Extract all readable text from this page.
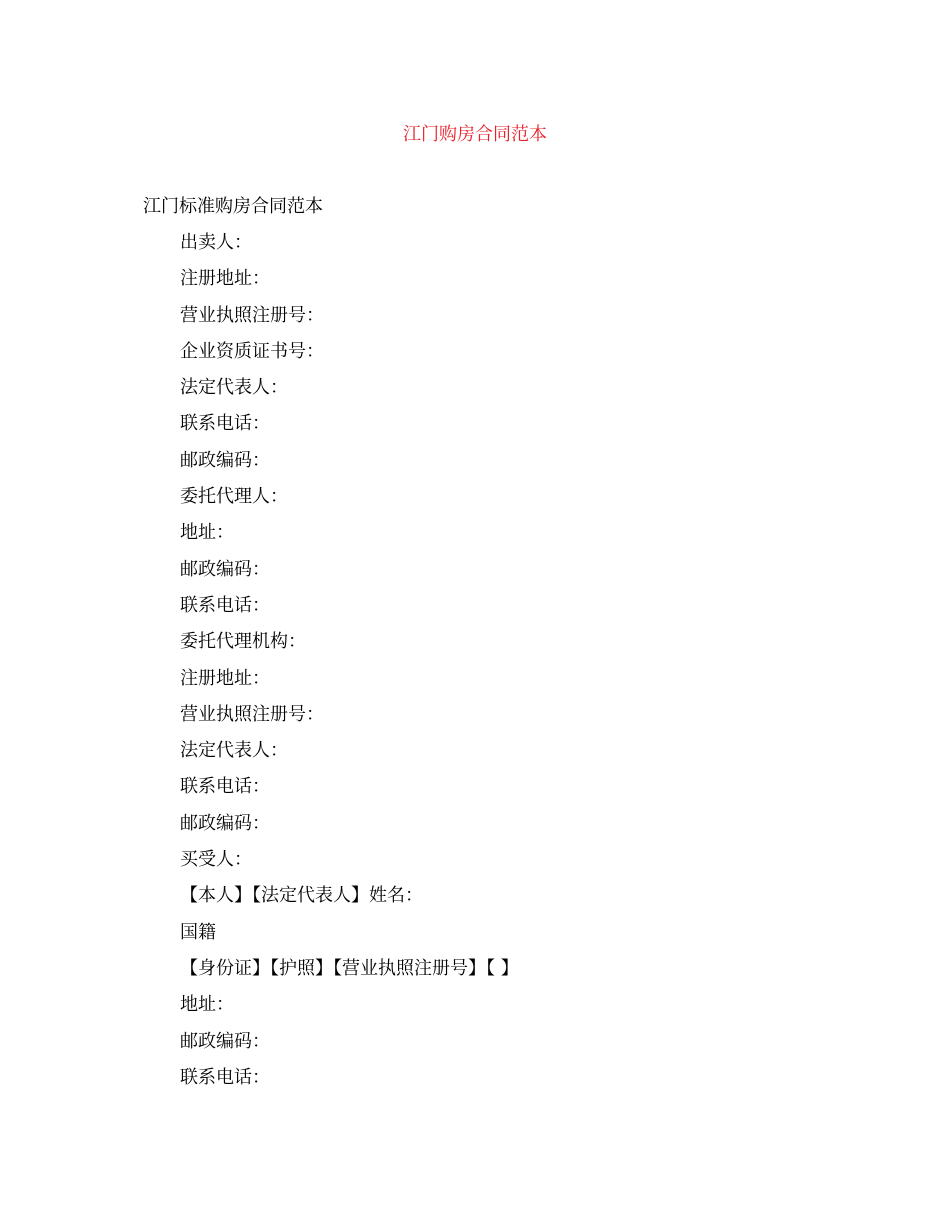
江门购房合同范本
江门标准购房合同范本
出卖人：
注册地址：
营业执照注册号：
企业资质证书号：
法定代表人：
联系电话：
邮政编码：
委托代理人：
地址：
邮政编码：
联系电话：
委托代理机构：
注册地址：
营业执照注册号：
法定代表人：
联系电话：
邮政编码：
买受人：
【本人】【法定代表人】姓名：
国籍
【身份证】【护照】【营业执照注册号】【 】
地址：
邮政编码：
联系电话：
